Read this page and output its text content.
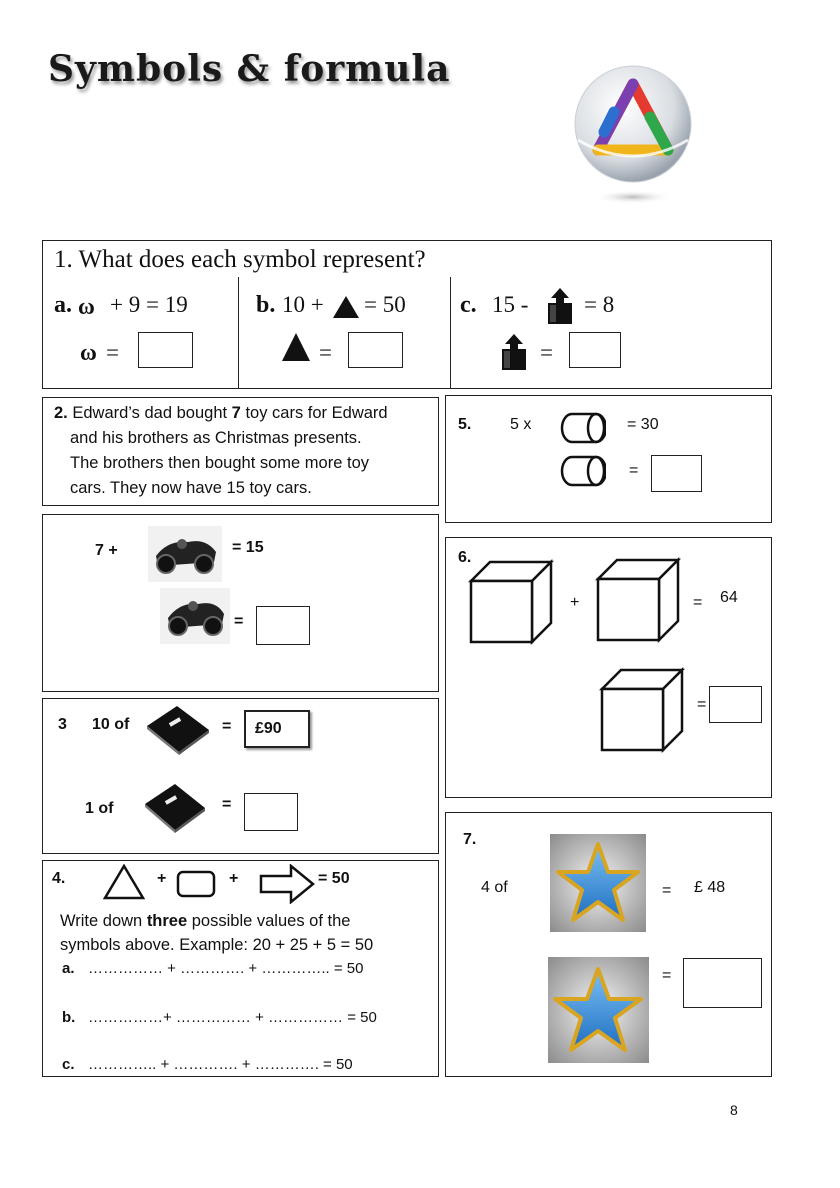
Symbols & formula
1. What does each symbol represent?
a. ω + 9 = 19
ω =
b. 10 + = 50
=
c. 15 - = 8
=
2. Edward’s dad bought 7 toy cars for Edward
and his brothers as Christmas presents.
The brothers then bought some more toy
cars. They now have 15 toy cars.
7 +	= 15
=
3 10 of	= £90
1 of	=
4.	+	+	= 50
Write down three possible values of the
symbols above. Example: 20 + 25 + 5 = 50
a. …………… + …………. + ………….. = 50
b. ……………+ …………… + …………… = 50
c. ………….. + …………. + …………. = 50
5. 5 x	= 30
=
6.
+	= 64
=
7.
4 of	= £ 48
=
8
